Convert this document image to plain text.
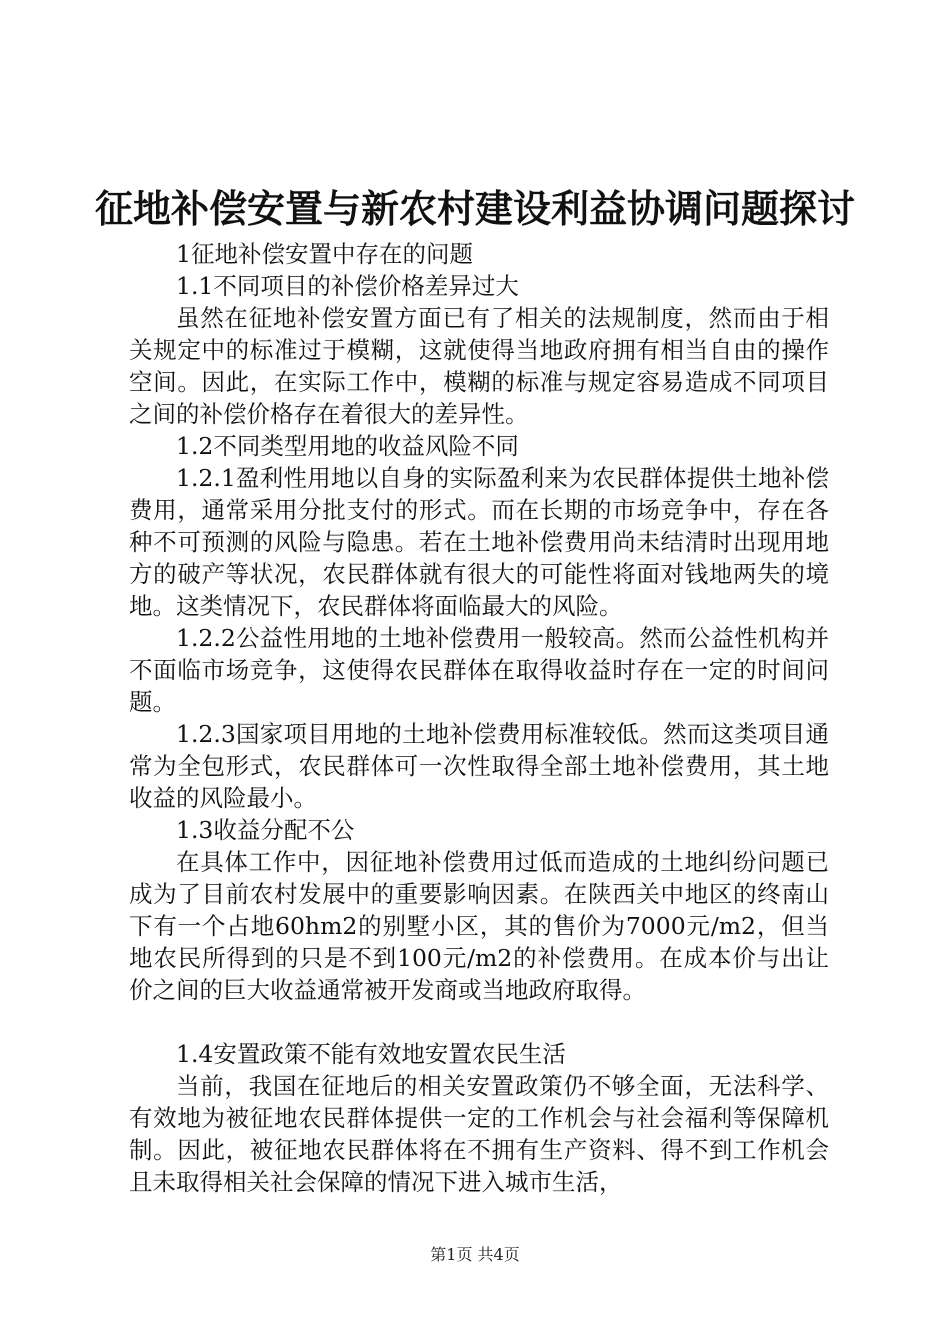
征地补偿安置与新农村建设利益协调问题探讨

1征地补偿安置中存在的问题

1.1不同项目的补偿价格差异过大

虽然在征地补偿安置方面已有了相关的法规制度，然而由于相关规定中的标准过于模糊，这就使得当地政府拥有相当自由的操作空间。因此，在实际工作中，模糊的标准与规定容易造成不同项目之间的补偿价格存在着很大的差异性。

1.2不同类型用地的收益风险不同

1.2.1盈利性用地以自身的实际盈利来为农民群体提供土地补偿费用，通常采用分批支付的形式。而在长期的市场竞争中，存在各种不可预测的风险与隐患。若在土地补偿费用尚未结清时出现用地方的破产等状况，农民群体就有很大的可能性将面对钱地两失的境地。这类情况下，农民群体将面临最大的风险。

1.2.2公益性用地的土地补偿费用一般较高。然而公益性机构并不面临市场竞争，这使得农民群体在取得收益时存在一定的时间问题。

1.2.3国家项目用地的土地补偿费用标准较低。然而这类项目通常为全包形式，农民群体可一次性取得全部土地补偿费用，其土地收益的风险最小。

1.3收益分配不公

在具体工作中，因征地补偿费用过低而造成的土地纠纷问题已成为了目前农村发展中的重要影响因素。在陕西关中地区的终南山下有一个占地60hm2的别墅小区，其的售价为7000元/m2，但当地农民所得到的只是不到100元/m2的补偿费用。在成本价与出让价之间的巨大收益通常被开发商或当地政府取得。

1.4安置政策不能有效地安置农民生活

当前，我国在征地后的相关安置政策仍不够全面，无法科学、有效地为被征地农民群体提供一定的工作机会与社会福利等保障机制。因此，被征地农民群体将在不拥有生产资料、得不到工作机会且未取得相关社会保障的情况下进入城市生活，

第1页 共4页
